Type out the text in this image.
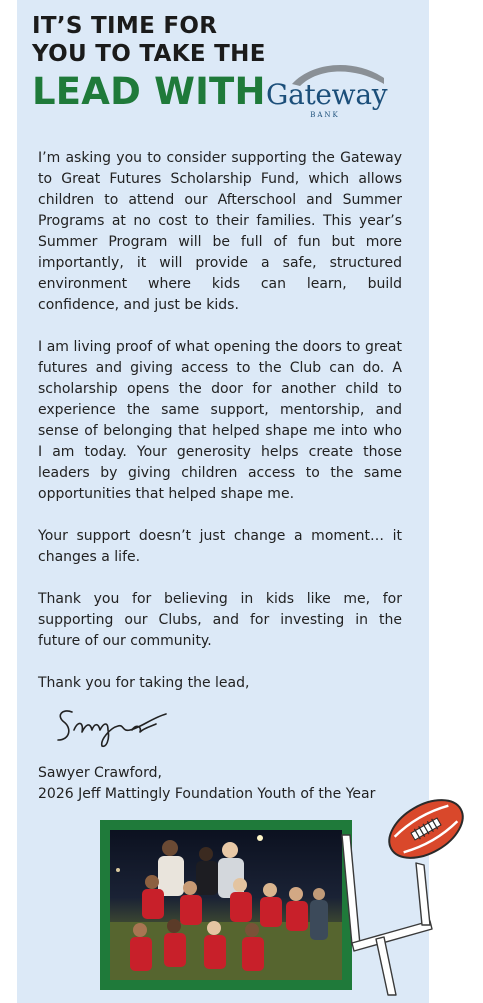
IT’S TIME FOR
YOU TO TAKE THE
LEAD WITH Gateway
BANK

I’m asking you to consider supporting the Gateway to Great Futures Scholarship Fund, which allows children to attend our Afterschool and Summer Programs at no cost to their families. This year’s Summer Program will be full of fun but more importantly, it will provide a safe, structured environment where kids can learn, build confidence, and just be kids.

I am living proof of what opening the doors to great futures and giving access to the Club can do. A scholarship opens the door for another child to experience the same support, mentorship, and sense of belonging that helped shape me into who I am today. Your generosity helps create those leaders by giving children access to the same opportunities that helped shape me.

Your support doesn’t just change a moment… it changes a life.

Thank you for believing in kids like me, for supporting our Clubs, and for investing in the future of our community.

Thank you for taking the lead,

Sawyer Crawford,
2026 Jeff Mattingly Foundation Youth of the Year
